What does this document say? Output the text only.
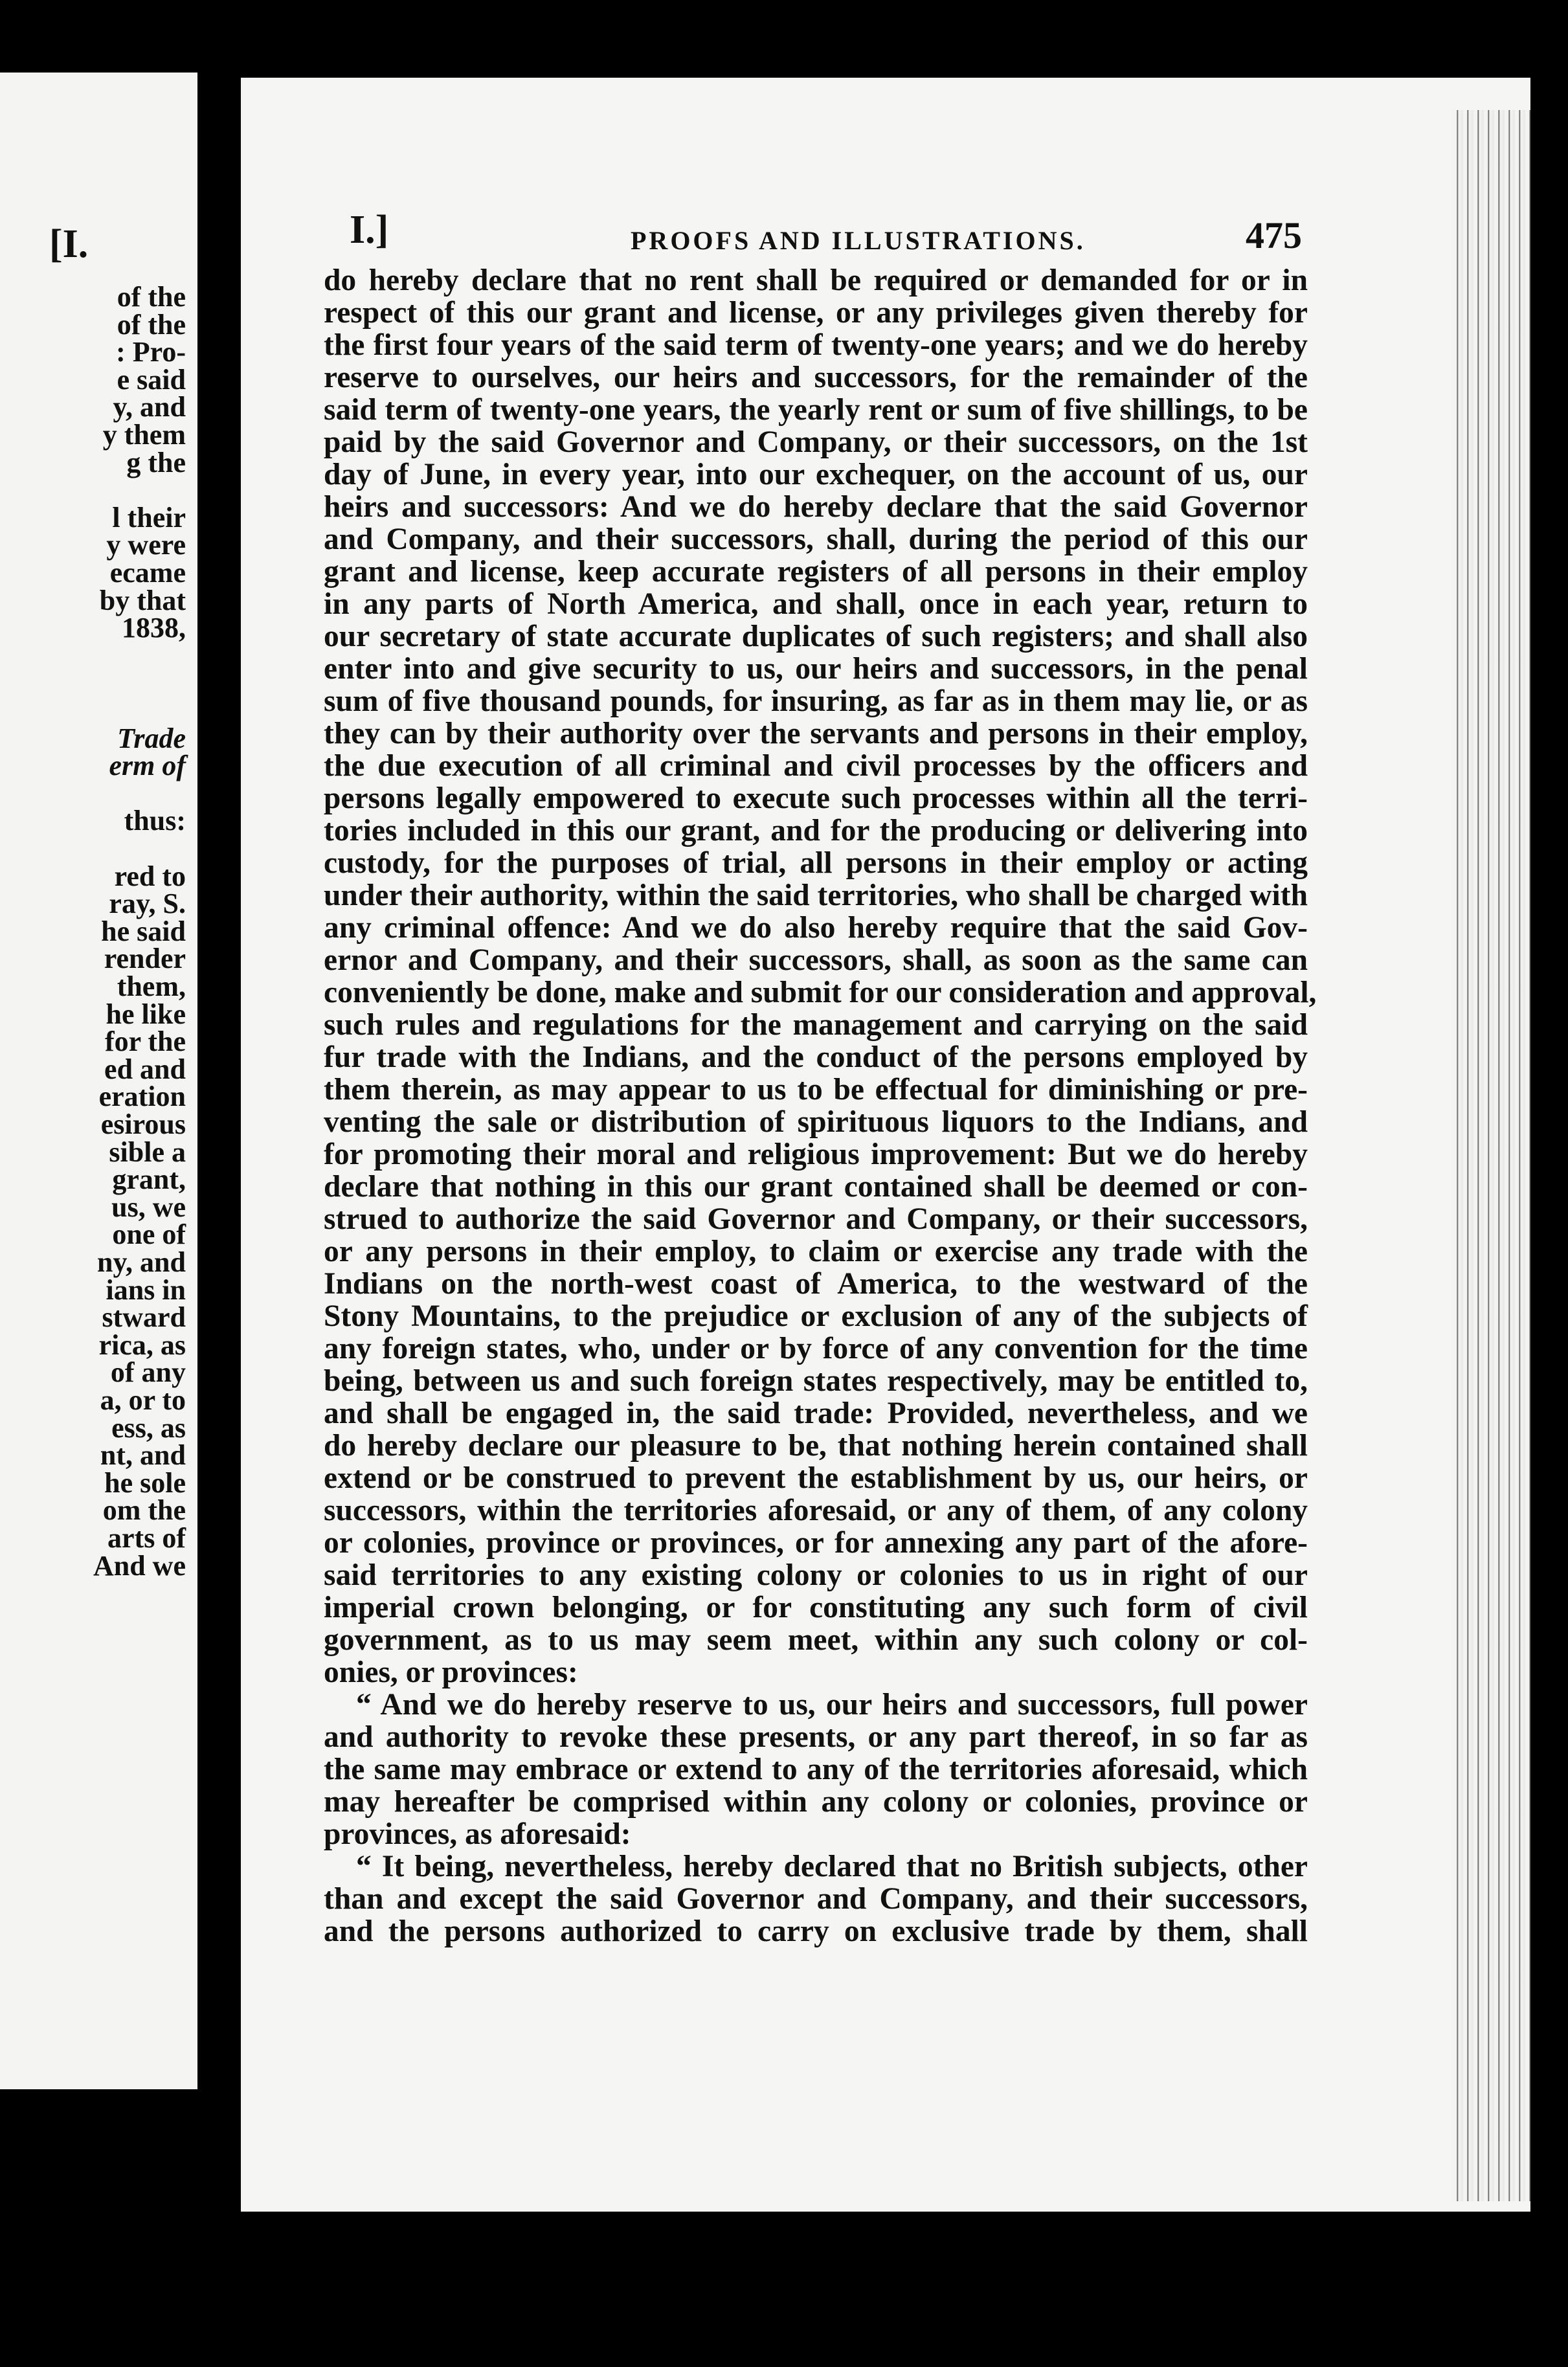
[I.
of the
of the
: Pro-
e said
y, and
y them
g the
l their
y were
ecame
by that
1838,
Trade
erm of
thus:
red to
ray, S.
he said
render
them,
he like
for the
ed and
eration
esirous
sible a
grant,
us, we
one of
ny, and
ians in
stward
rica, as
of any
a, or to
ess, as
nt, and
he sole
om the
arts of
And we
I.]	PROOFS AND ILLUSTRATIONS.	475
do hereby declare that no rent shall be required or demanded for or in
respect of this our grant and license, or any privileges given thereby for
the first four years of the said term of twenty-one years; and we do hereby
reserve to ourselves, our heirs and successors, for the remainder of the
said term of twenty-one years, the yearly rent or sum of five shillings, to be
paid by the said Governor and Company, or their successors, on the 1st
day of June, in every year, into our exchequer, on the account of us, our
heirs and successors: And we do hereby declare that the said Governor
and Company, and their successors, shall, during the period of this our
grant and license, keep accurate registers of all persons in their employ
in any parts of North America, and shall, once in each year, return to
our secretary of state accurate duplicates of such registers; and shall also
enter into and give security to us, our heirs and successors, in the penal
sum of five thousand pounds, for insuring, as far as in them may lie, or as
they can by their authority over the servants and persons in their employ,
the due execution of all criminal and civil processes by the officers and
persons legally empowered to execute such processes within all the terri-
tories included in this our grant, and for the producing or delivering into
custody, for the purposes of trial, all persons in their employ or acting
under their authority, within the said territories, who shall be charged with
any criminal offence: And we do also hereby require that the said Gov-
ernor and Company, and their successors, shall, as soon as the same can
conveniently be done, make and submit for our consideration and approval,
such rules and regulations for the management and carrying on the said
fur trade with the Indians, and the conduct of the persons employed by
them therein, as may appear to us to be effectual for diminishing or pre-
venting the sale or distribution of spirituous liquors to the Indians, and
for promoting their moral and religious improvement: But we do hereby
declare that nothing in this our grant contained shall be deemed or con-
strued to authorize the said Governor and Company, or their successors,
or any persons in their employ, to claim or exercise any trade with the
Indians on the north-west coast of America, to the westward of the
Stony Mountains, to the prejudice or exclusion of any of the subjects of
any foreign states, who, under or by force of any convention for the time
being, between us and such foreign states respectively, may be entitled to,
and shall be engaged in, the said trade: Provided, nevertheless, and we
do hereby declare our pleasure to be, that nothing herein contained shall
extend or be construed to prevent the establishment by us, our heirs, or
successors, within the territories aforesaid, or any of them, of any colony
or colonies, province or provinces, or for annexing any part of the afore-
said territories to any existing colony or colonies to us in right of our
imperial crown belonging, or for constituting any such form of civil
government, as to us may seem meet, within any such colony or col-
onies, or provinces:
“ And we do hereby reserve to us, our heirs and successors, full power
and authority to revoke these presents, or any part thereof, in so far as
the same may embrace or extend to any of the territories aforesaid, which
may hereafter be comprised within any colony or colonies, province or
provinces, as aforesaid:
“ It being, nevertheless, hereby declared that no British subjects, other
than and except the said Governor and Company, and their successors,
and the persons authorized to carry on exclusive trade by them, shall
